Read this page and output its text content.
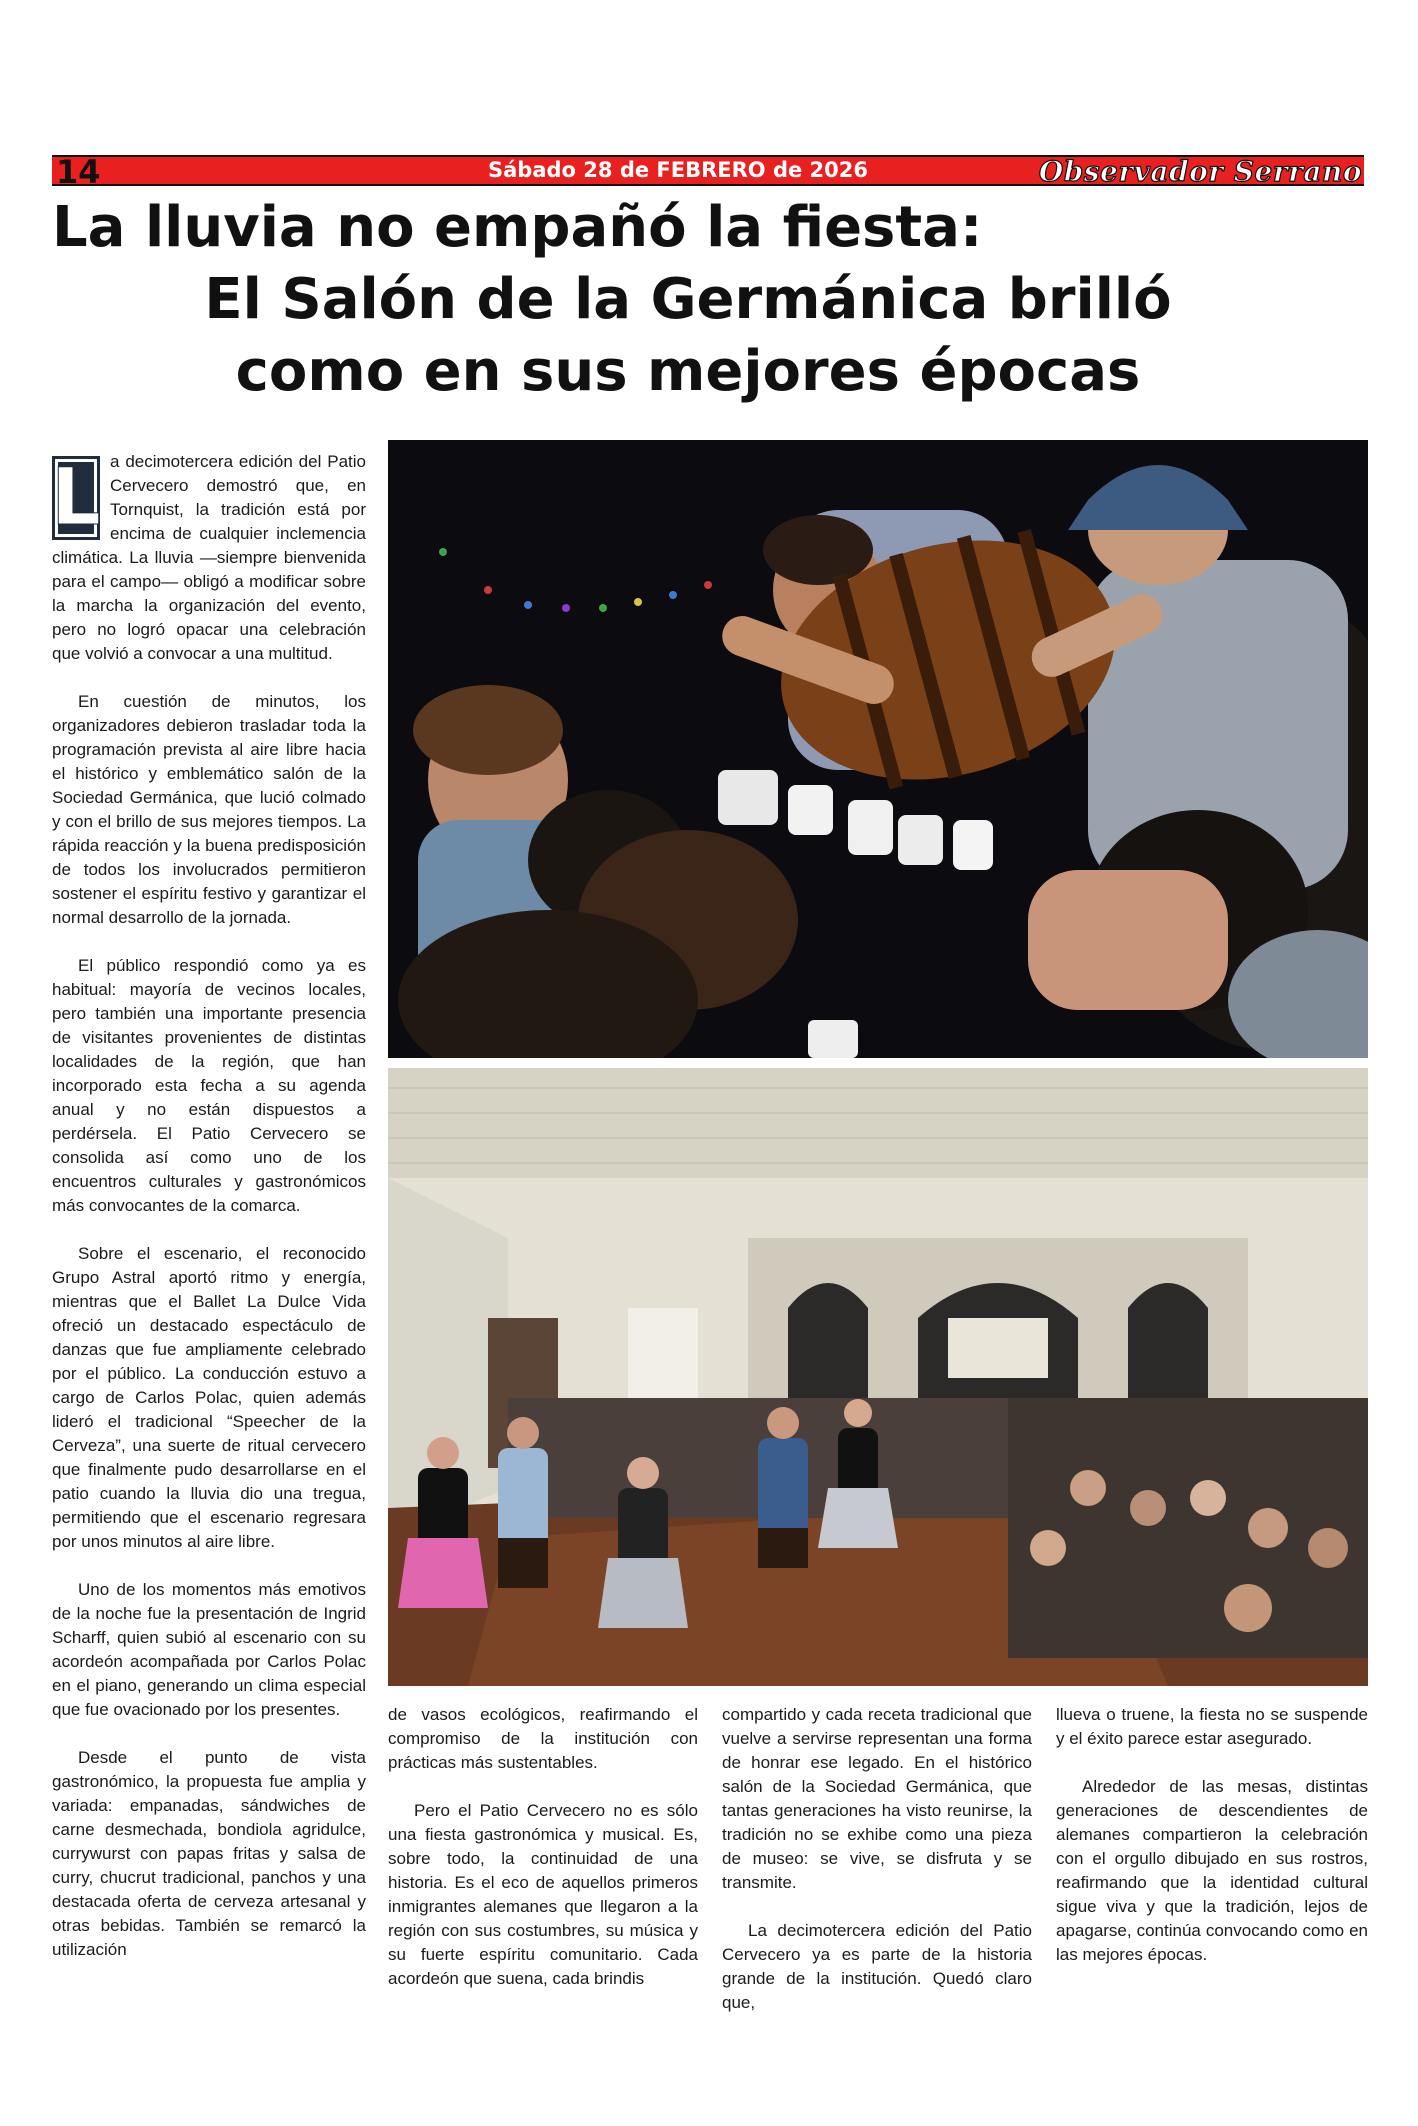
14	Sábado 28 de FEBRERO de 2026	Observador Serrano
La lluvia no empañó la fiesta:
El Salón de la Germánica brilló
como en sus mejores épocas

L a decimotercera edición del Patio Cervecero demostró que, en Tornquist, la tradición está por encima de cualquier inclemencia climática. La lluvia —siempre bienvenida para el campo— obligó a modificar sobre la marcha la organización del evento, pero no logró opacar una celebración que volvió a convocar a una multitud.

En cuestión de minutos, los organizadores debieron trasladar toda la programación prevista al aire libre hacia el histórico y emblemático salón de la Sociedad Germánica, que lució colmado y con el brillo de sus mejores tiempos. La rápida reacción y la buena predisposición de todos los involucrados permitieron sostener el espíritu festivo y garantizar el normal desarrollo de la jornada.

El público respondió como ya es habitual: mayoría de vecinos locales, pero también una importante presencia de visitantes provenientes de distintas localidades de la región, que han incorporado esta fecha a su agenda anual y no están dispuestos a perdérsela. El Patio Cervecero se consolida así como uno de los encuentros culturales y gastronómicos más convocantes de la comarca.

Sobre el escenario, el reconocido Grupo Astral aportó ritmo y energía, mientras que el Ballet La Dulce Vida ofreció un destacado espectáculo de danzas que fue ampliamente celebrado por el público. La conducción estuvo a cargo de Carlos Polac, quien además lideró el tradicional “Speecher de la Cerveza”, una suerte de ritual cervecero que finalmente pudo desarrollarse en el patio cuando la lluvia dio una tregua, permitiendo que el escenario regresara por unos minutos al aire libre.

Uno de los momentos más emotivos de la noche fue la presentación de Ingrid Scharff, quien subió al escenario con su acordeón acompañada por Carlos Polac en el piano, generando un clima especial que fue ovacionado por los presentes.

Desde el punto de vista gastronómico, la propuesta fue amplia y variada: empanadas, sándwiches de carne desmechada, bondiola agridulce, currywurst con papas fritas y salsa de curry, chucrut tradicional, panchos y una destacada oferta de cerveza artesanal y otras bebidas. También se remarcó la utilización

de vasos ecológicos, reafirmando el compromiso de la institución con prácticas más sustentables.

Pero el Patio Cervecero no es sólo una fiesta gastronómica y musical. Es, sobre todo, la continuidad de una historia. Es el eco de aquellos primeros inmigrantes alemanes que llegaron a la región con sus costumbres, su música y su fuerte espíritu comunitario. Cada acordeón que suena, cada brindis

compartido y cada receta tradicional que vuelve a servirse representan una forma de honrar ese legado. En el histórico salón de la Sociedad Germánica, que tantas generaciones ha visto reunirse, la tradición no se exhibe como una pieza de museo: se vive, se disfruta y se transmite.

La decimotercera edición del Patio Cervecero ya es parte de la historia grande de la institución. Quedó claro que,

llueva o truene, la fiesta no se suspende y el éxito parece estar asegurado.

Alrededor de las mesas, distintas generaciones de descendientes de alemanes compartieron la celebración con el orgullo dibujado en sus rostros, reafirmando que la identidad cultural sigue viva y que la tradición, lejos de apagarse, continúa convocando como en las mejores épocas.
